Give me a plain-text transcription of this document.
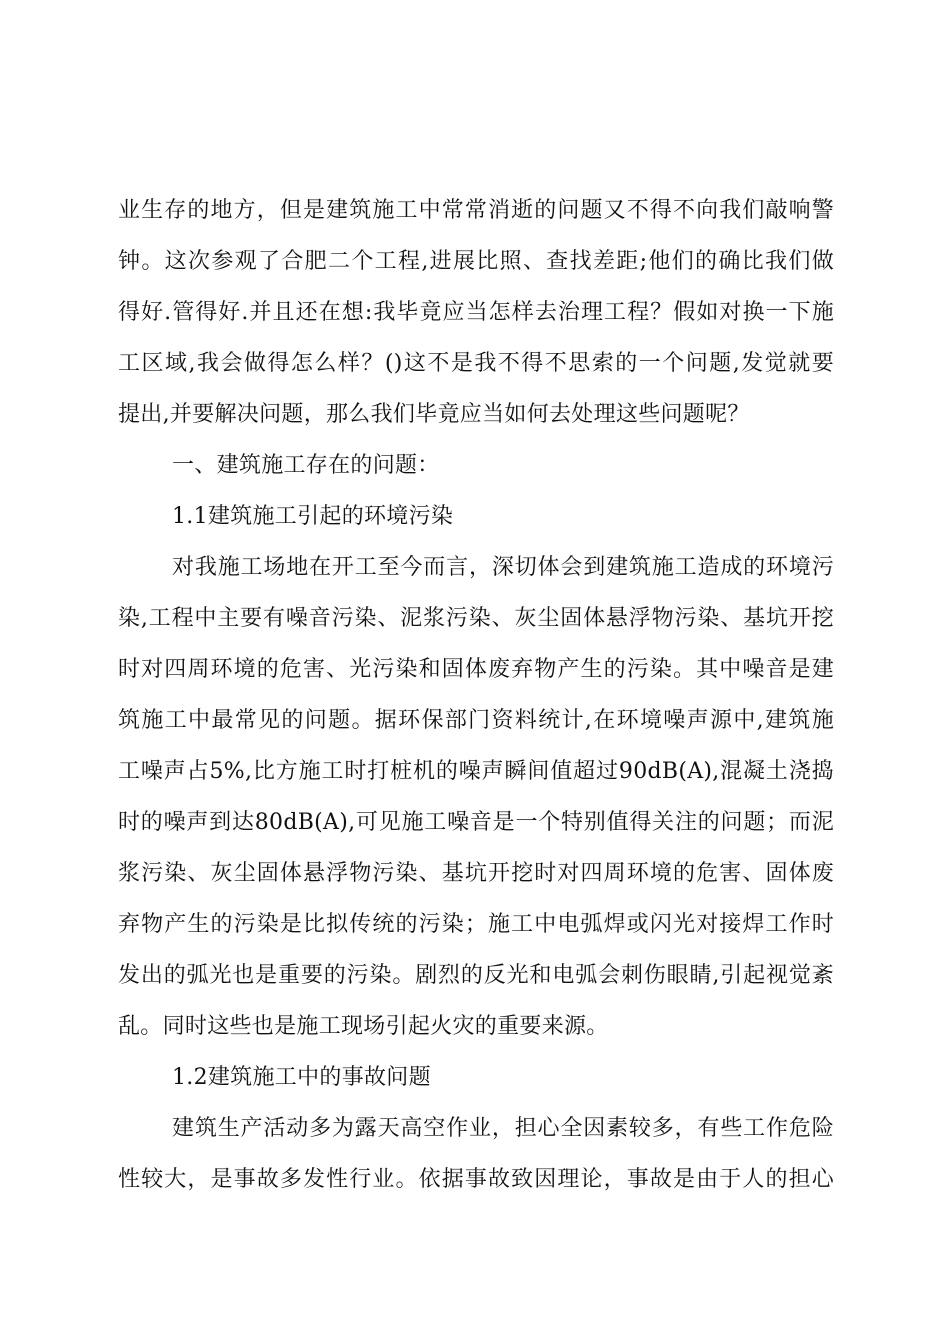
业生存的地方，但是建筑施工中常常消逝的问题又不得不向我们敲响警
钟。这次参观了合肥二个工程,进展比照、查找差距;他们的确比我们做
得好.管得好.并且还在想:我毕竟应当怎样去治理工程？假如对换一下施
工区域,我会做得怎么样？()这不是我不得不思索的一个问题,发觉就要
提出,并要解决问题，那么我们毕竟应当如何去处理这些问题呢？
一、建筑施工存在的问题：
1.1建筑施工引起的环境污染
对我施工场地在开工至今而言，深切体会到建筑施工造成的环境污
染,工程中主要有噪音污染、泥浆污染、灰尘固体悬浮物污染、基坑开挖
时对四周环境的危害、光污染和固体废弃物产生的污染。其中噪音是建
筑施工中最常见的问题。据环保部门资料统计,在环境噪声源中,建筑施
工噪声占5%,比方施工时打桩机的噪声瞬间值超过90dB(A),混凝土浇捣
时的噪声到达80dB(A),可见施工噪音是一个特别值得关注的问题；而泥
浆污染、灰尘固体悬浮物污染、基坑开挖时对四周环境的危害、固体废
弃物产生的污染是比拟传统的污染；施工中电弧焊或闪光对接焊工作时
发出的弧光也是重要的污染。剧烈的反光和电弧会刺伤眼睛,引起视觉紊
乱。同时这些也是施工现场引起火灾的重要来源。
1.2建筑施工中的事故问题
建筑生产活动多为露天高空作业，担心全因素较多，有些工作危险
性较大，是事故多发性行业。依据事故致因理论，事故是由于人的担心
